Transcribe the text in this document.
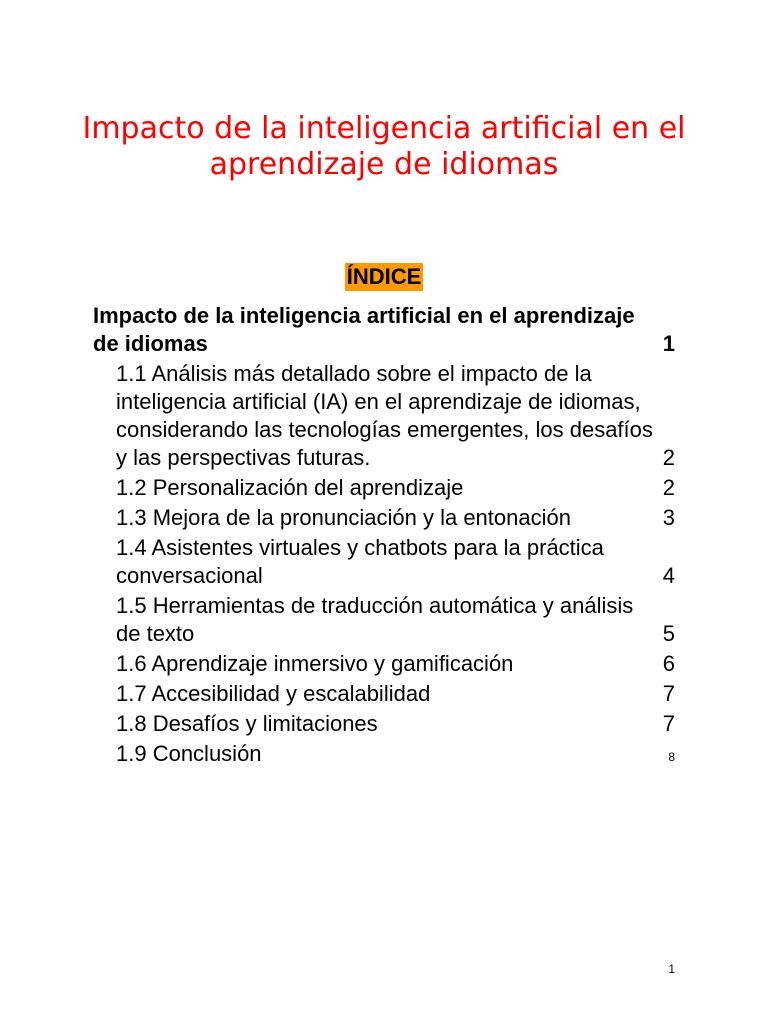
Impacto de la inteligencia artificial en el aprendizaje de idiomas
ÍNDICE
Impacto de la inteligencia artificial en el aprendizaje de idiomas	1
1.1 Análisis más detallado sobre el impacto de la inteligencia artificial (IA) en el aprendizaje de idiomas, considerando las tecnologías emergentes, los desafíos y las perspectivas futuras.	2
1.2 Personalización del aprendizaje	2
1.3 Mejora de la pronunciación y la entonación	3
1.4 Asistentes virtuales y chatbots para la práctica conversacional	4
1.5 Herramientas de traducción automática y análisis de texto	5
1.6 Aprendizaje inmersivo y gamificación	6
1.7 Accesibilidad y escalabilidad	7
1.8 Desafíos y limitaciones	7
1.9 Conclusión	8
1
